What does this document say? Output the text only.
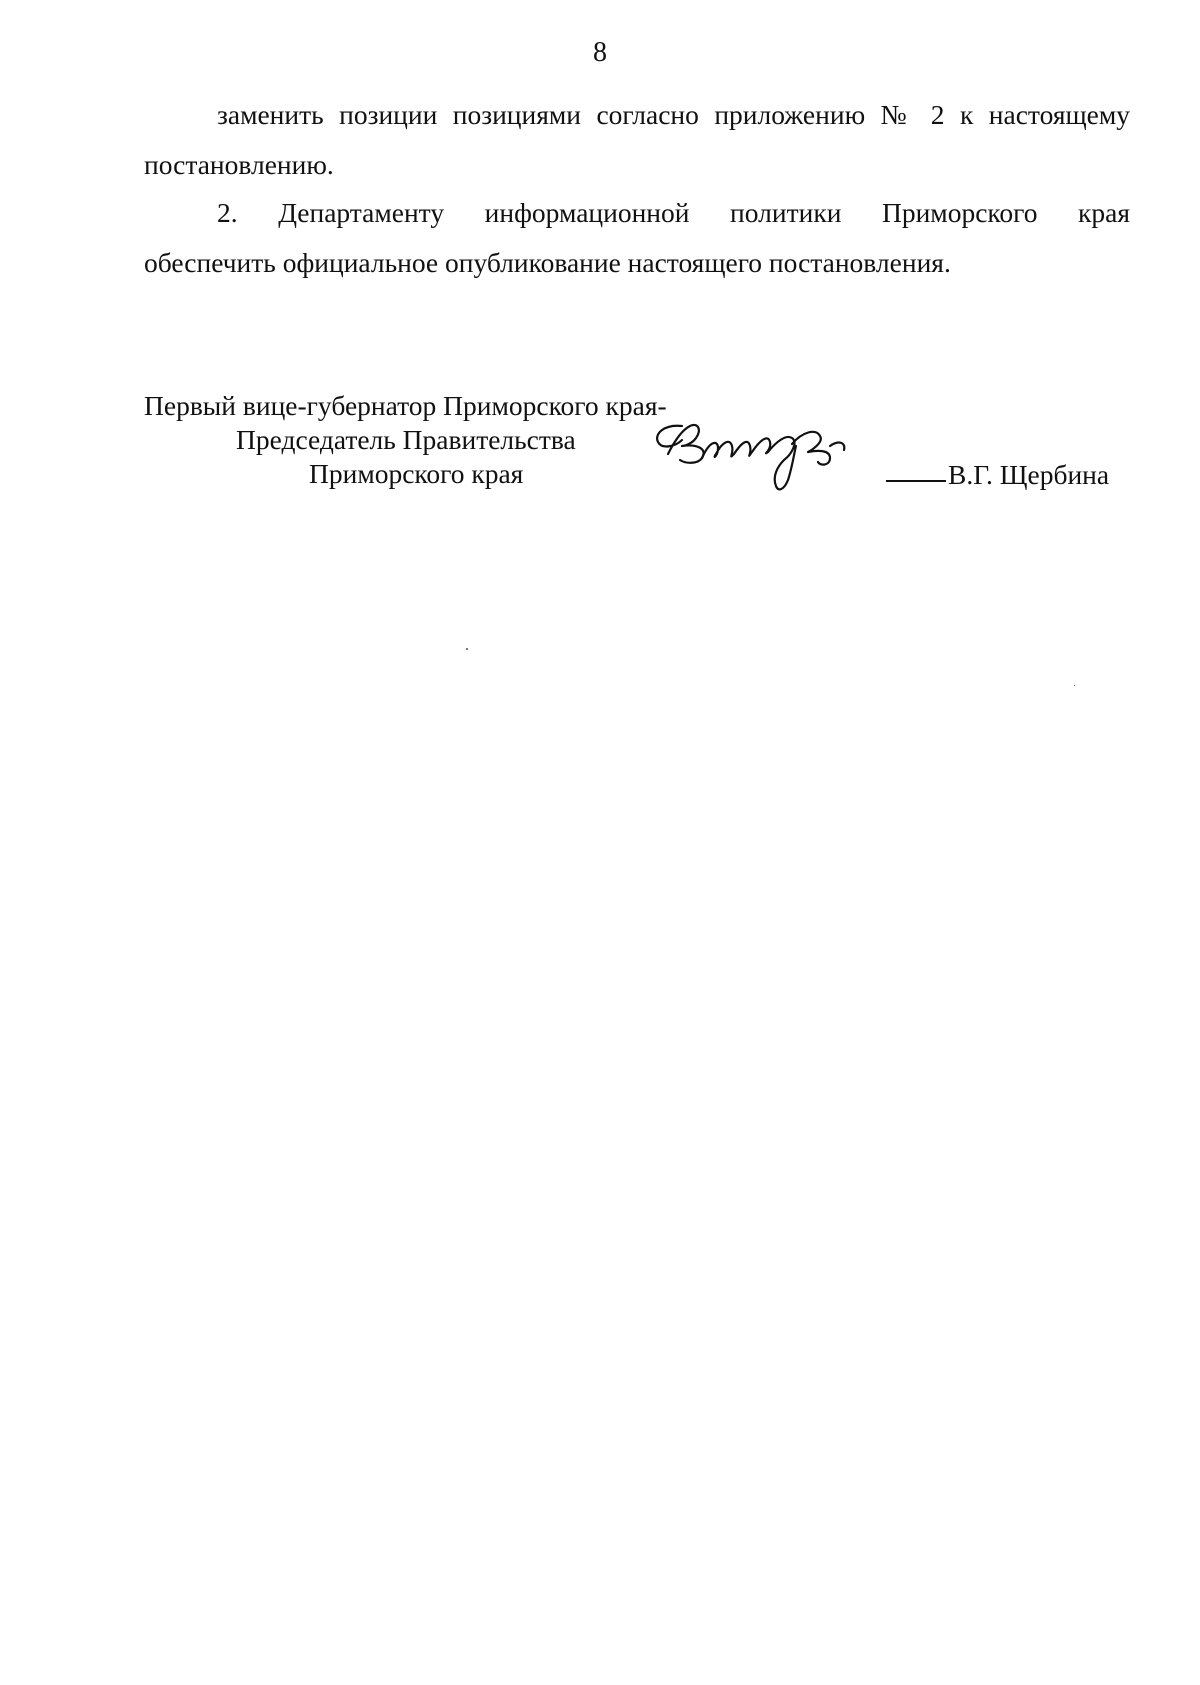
8
заменить позиции позициями согласно приложению № 2 к настоящему
постановлению.
2. Департаменту информационной политики Приморского края
обеспечить официальное опубликование настоящего постановления.
Первый вице-губернатор Приморского края-
Председатель Правительства
Приморского края	В.Г. Щербина
